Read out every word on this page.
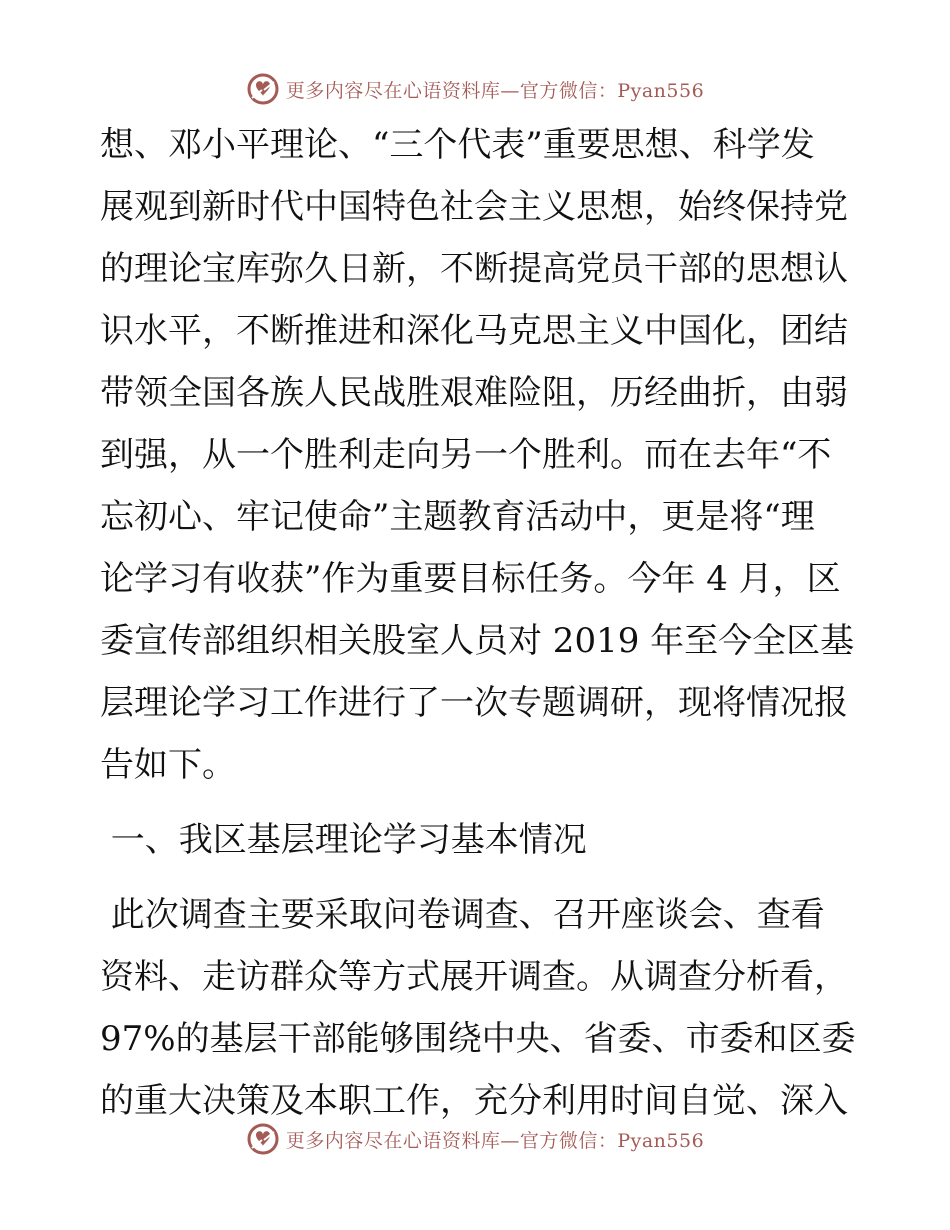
更多内容尽在心语资料库—官方微信：Pyan556
想、邓小平理论、“三个代表”重要思想、科学发
展观到新时代中国特色社会主义思想，始终保持党
的理论宝库弥久日新，不断提高党员干部的思想认
识水平，不断推进和深化马克思主义中国化，团结
带领全国各族人民战胜艰难险阻，历经曲折，由弱
到强，从一个胜利走向另一个胜利。而在去年“不
忘初心、牢记使命”主题教育活动中，更是将“理
论学习有收获”作为重要目标任务。今年 4 月，区
委宣传部组织相关股室人员对 2019 年至今全区基
层理论学习工作进行了一次专题调研，现将情况报
告如下。
一、我区基层理论学习基本情况
此次调查主要采取问卷调查、召开座谈会、查看
资料、走访群众等方式展开调查。从调查分析看，
97%的基层干部能够围绕中央、省委、市委和区委
的重大决策及本职工作，充分利用时间自觉、深入
更多内容尽在心语资料库—官方微信：Pyan556
